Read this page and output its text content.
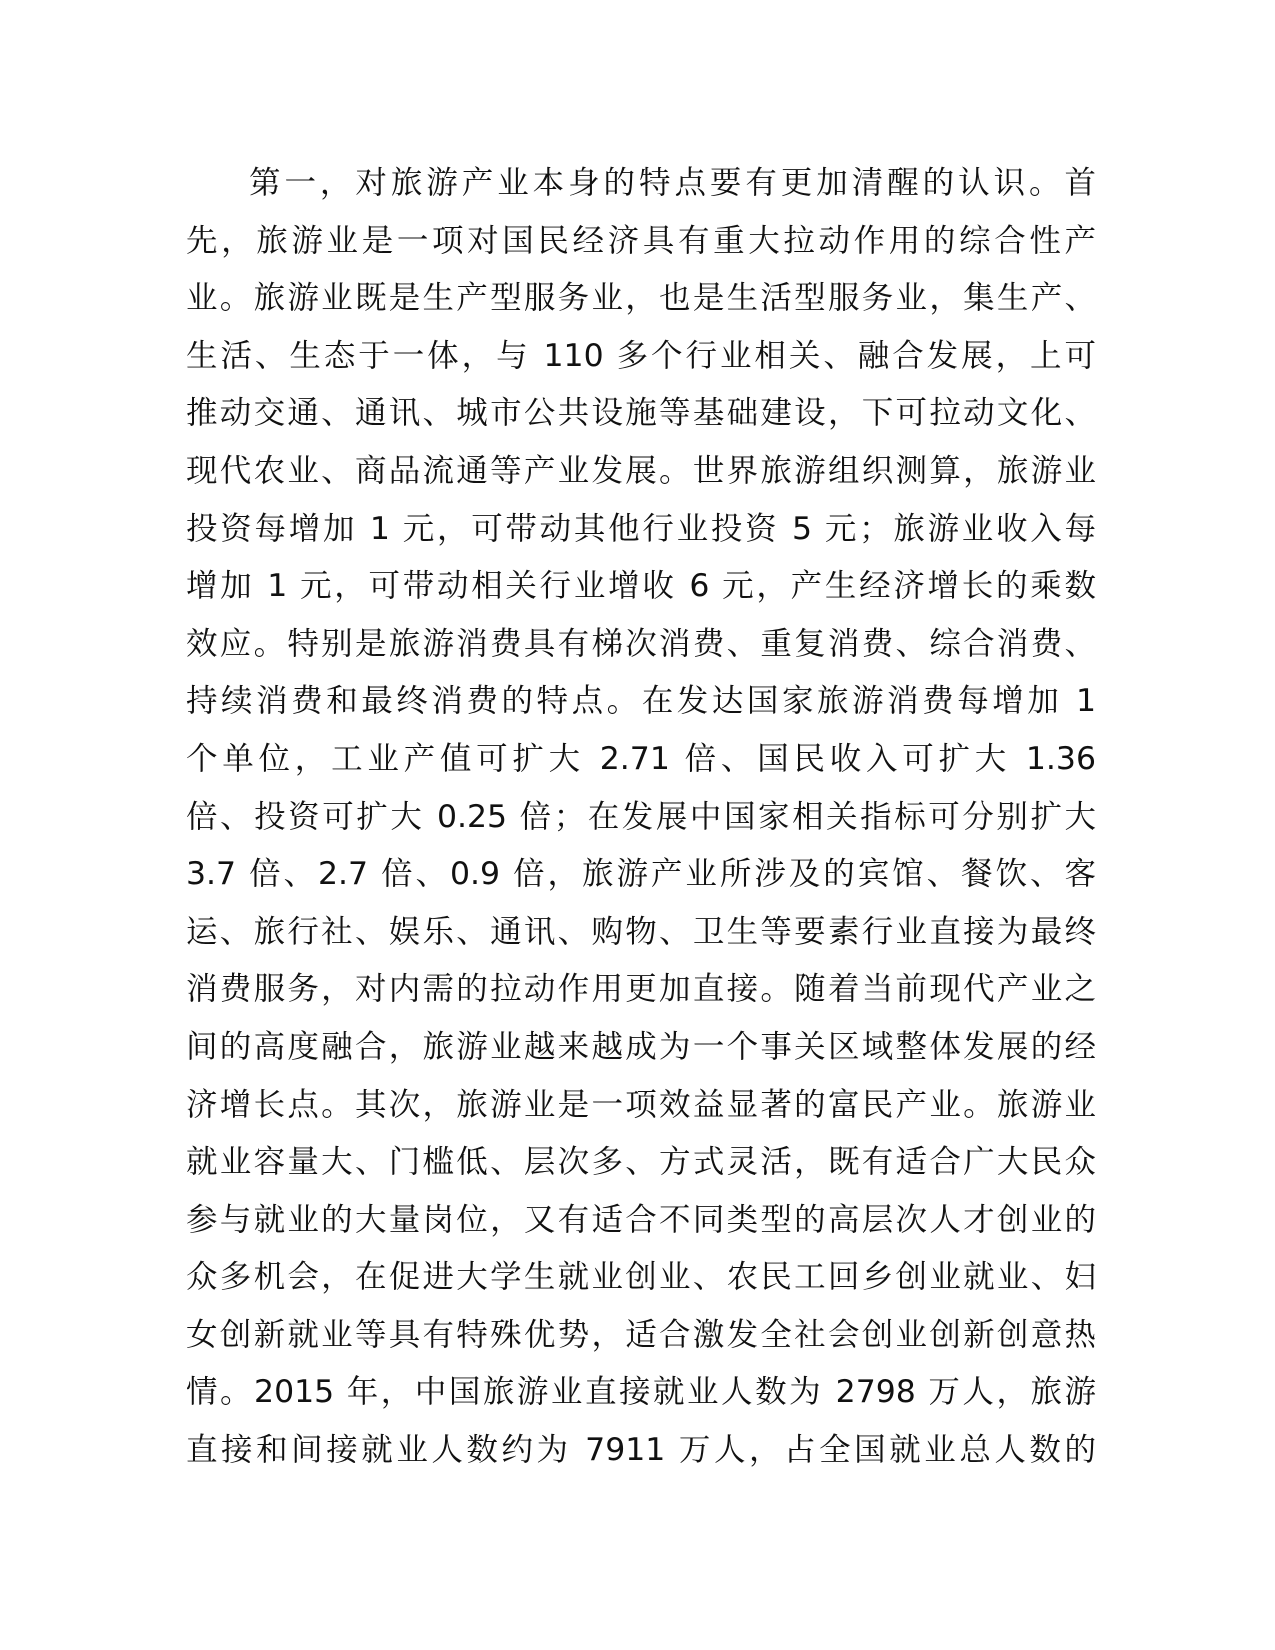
第一，对旅游产业本身的特点要有更加清醒的认识。首
先，旅游业是一项对国民经济具有重大拉动作用的综合性产
业。旅游业既是生产型服务业，也是生活型服务业，集生产、
生活、生态于一体，与 110 多个行业相关、融合发展，上可
推动交通、通讯、城市公共设施等基础建设，下可拉动文化、
现代农业、商品流通等产业发展。世界旅游组织测算，旅游业
投资每增加 1 元，可带动其他行业投资 5 元；旅游业收入每
增加 1 元，可带动相关行业增收 6 元，产生经济增长的乘数
效应。特别是旅游消费具有梯次消费、重复消费、综合消费、
持续消费和最终消费的特点。在发达国家旅游消费每增加 1
个单位，工业产值可扩大 2.71 倍、国民收入可扩大 1.36
倍、投资可扩大 0.25 倍；在发展中国家相关指标可分别扩大
3.7 倍、2.7 倍、0.9 倍，旅游产业所涉及的宾馆、餐饮、客
运、旅行社、娱乐、通讯、购物、卫生等要素行业直接为最终
消费服务，对内需的拉动作用更加直接。随着当前现代产业之
间的高度融合，旅游业越来越成为一个事关区域整体发展的经
济增长点。其次，旅游业是一项效益显著的富民产业。旅游业
就业容量大、门槛低、层次多、方式灵活，既有适合广大民众
参与就业的大量岗位，又有适合不同类型的高层次人才创业的
众多机会，在促进大学生就业创业、农民工回乡创业就业、妇
女创新就业等具有特殊优势，适合激发全社会创业创新创意热
情。2015 年，中国旅游业直接就业人数为 2798 万人，旅游
直接和间接就业人数约为 7911 万人，占全国就业总人数的
